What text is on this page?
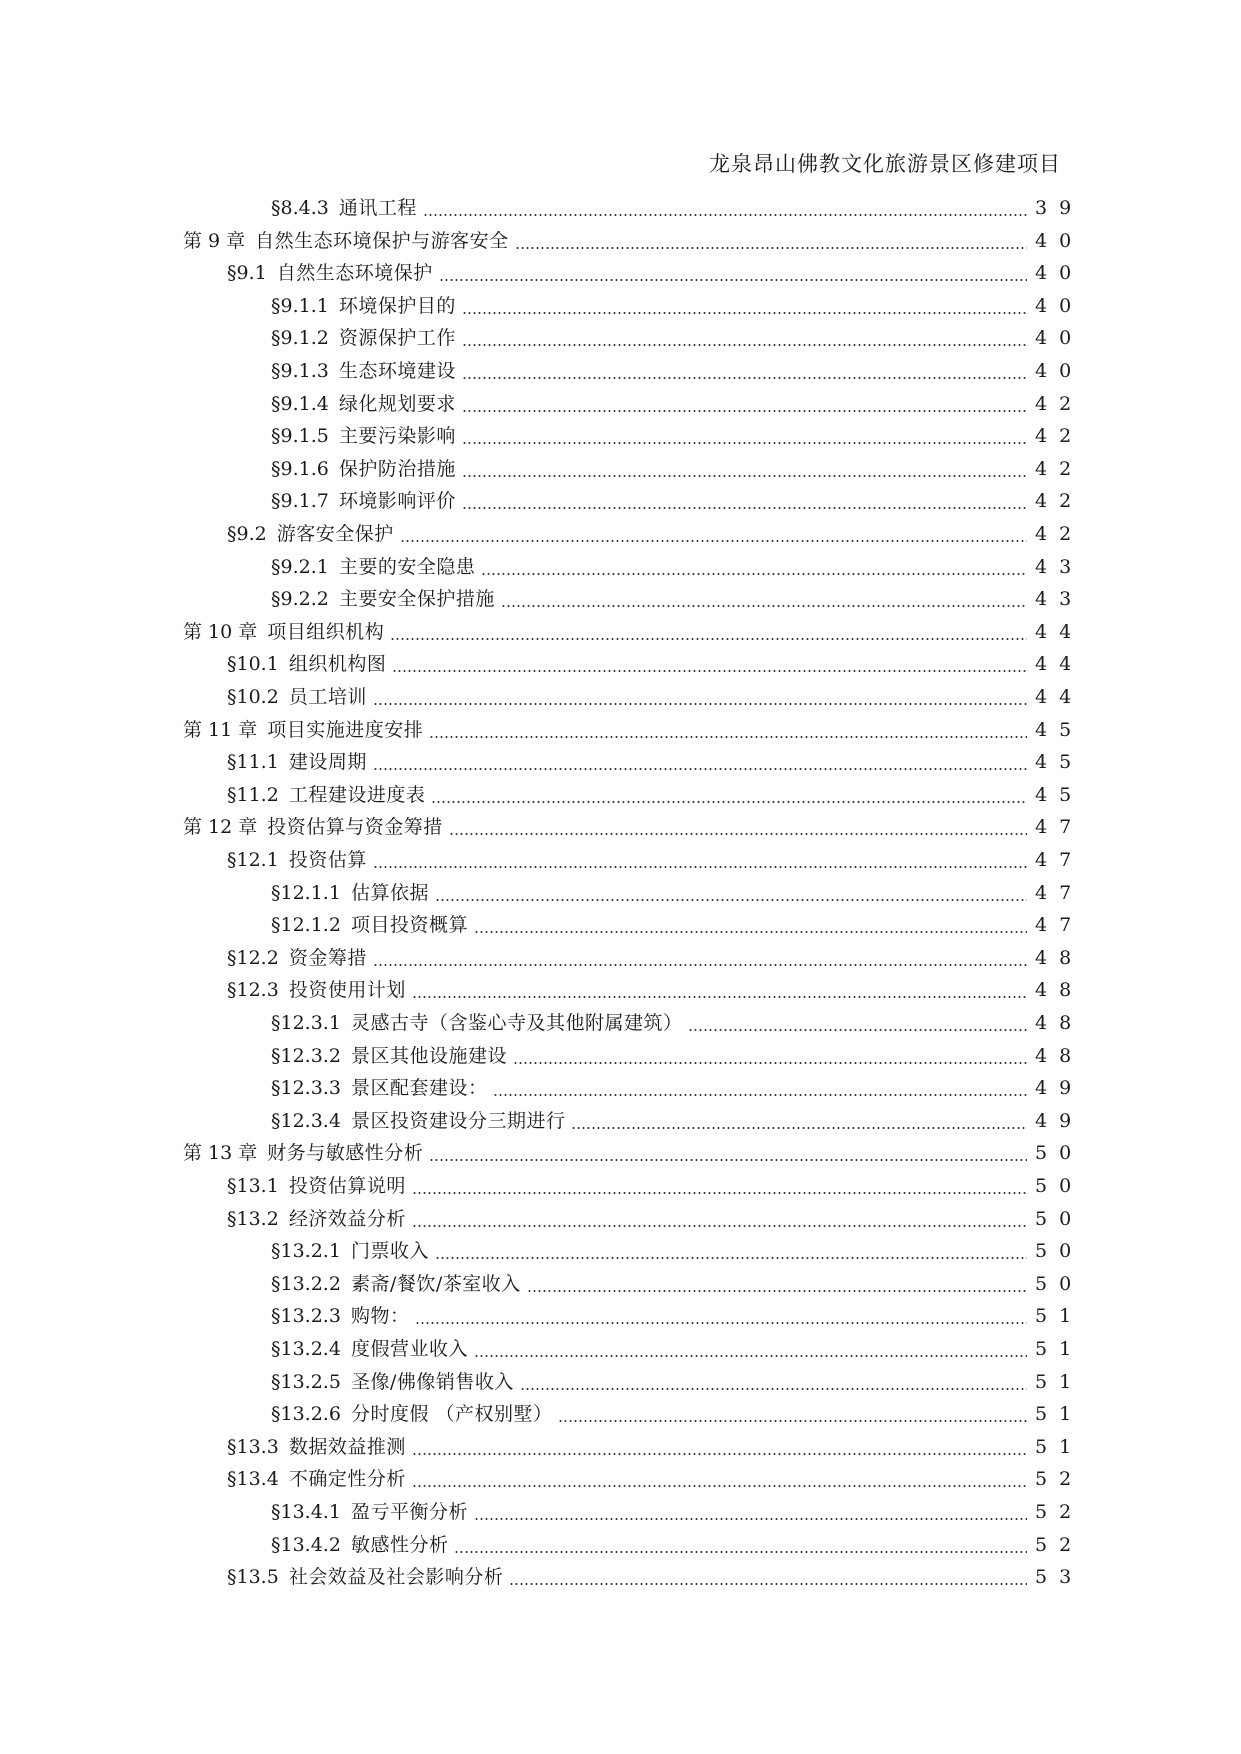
龙泉昂山佛教文化旅游景区修建项目
§8.4.3 通讯工程	39
第 9 章 自然生态环境保护与游客安全	40
§9.1 自然生态环境保护	40
§9.1.1 环境保护目的	40
§9.1.2 资源保护工作	40
§9.1.3 生态环境建设	40
§9.1.4 绿化规划要求	42
§9.1.5 主要污染影响	42
§9.1.6 保护防治措施	42
§9.1.7 环境影响评价	42
§9.2 游客安全保护	42
§9.2.1 主要的安全隐患	43
§9.2.2 主要安全保护措施	43
第 10 章 项目组织机构	44
§10.1 组织机构图	44
§10.2 员工培训	44
第 11 章 项目实施进度安排	45
§11.1 建设周期	45
§11.2 工程建设进度表	45
第 12 章 投资估算与资金筹措	47
§12.1 投资估算	47
§12.1.1 估算依据	47
§12.1.2 项目投资概算	47
§12.2 资金筹措	48
§12.3 投资使用计划	48
§12.3.1 灵感古寺（含鉴心寺及其他附属建筑）	48
§12.3.2 景区其他设施建设	48
§12.3.3 景区配套建设：	49
§12.3.4 景区投资建设分三期进行	49
第 13 章 财务与敏感性分析	50
§13.1 投资估算说明	50
§13.2 经济效益分析	50
§13.2.1 门票收入	50
§13.2.2 素斋/餐饮/茶室收入	50
§13.2.3 购物：	51
§13.2.4 度假营业收入	51
§13.2.5 圣像/佛像销售收入	51
§13.2.6 分时度假 （产权别墅）	51
§13.3 数据效益推测	51
§13.4 不确定性分析	52
§13.4.1 盈亏平衡分析	52
§13.4.2 敏感性分析	52
§13.5 社会效益及社会影响分析	53
